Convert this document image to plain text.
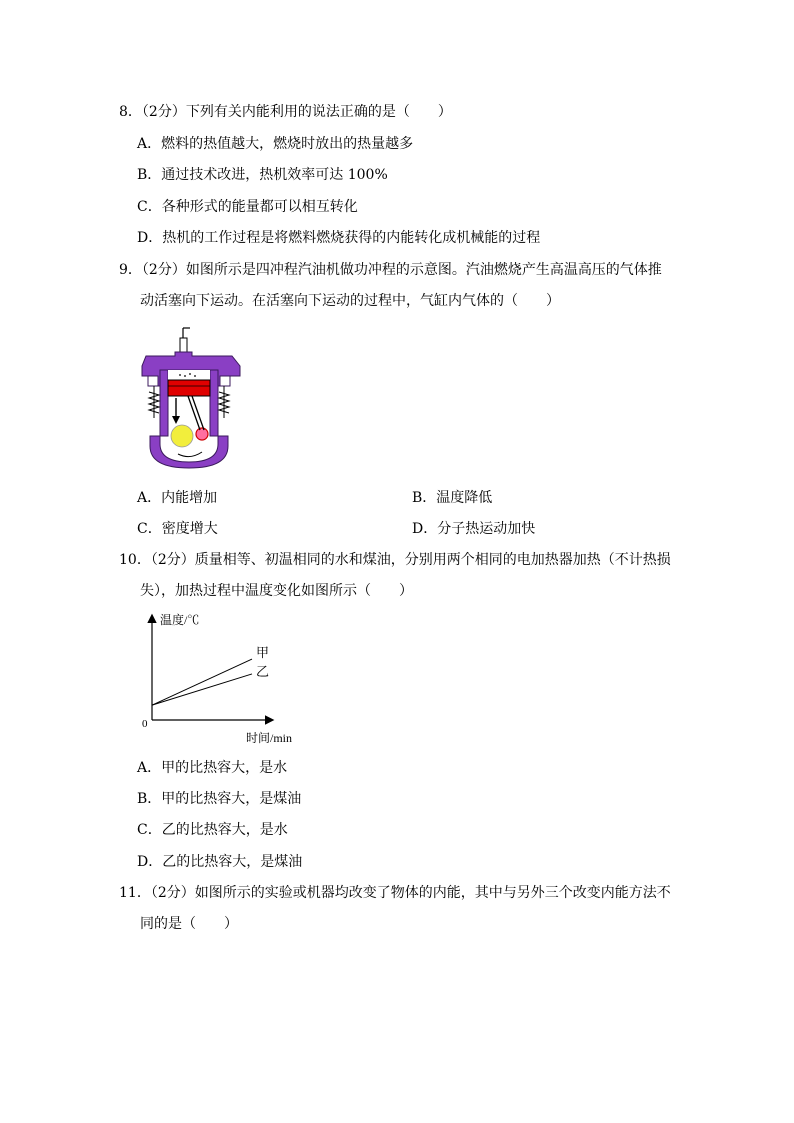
8．（2分）下列有关内能利用的说法正确的是（　　）
A．燃料的热值越大，燃烧时放出的热量越多
B．通过技术改进，热机效率可达 100%
C．各种形式的能量都可以相互转化
D．热机的工作过程是将燃料燃烧获得的内能转化成机械能的过程
9．（2分）如图所示是四冲程汽油机做功冲程的示意图。汽油燃烧产生高温高压的气体推
动活塞向下运动。在活塞向下运动的过程中，气缸内气体的（　　）
A．内能增加	B．温度降低
C．密度增大	D．分子热运动加快
10．（2分）质量相等、初温相同的水和煤油，分别用两个相同的电加热器加热（不计热损
失），加热过程中温度变化如图所示（　　）
温度/℃
时间/min
0
甲
乙
A．甲的比热容大，是水
B．甲的比热容大，是煤油
C．乙的比热容大，是水
D．乙的比热容大，是煤油
11．（2分）如图所示的实验或机器均改变了物体的内能，其中与另外三个改变内能方法不
同的是（　　）
